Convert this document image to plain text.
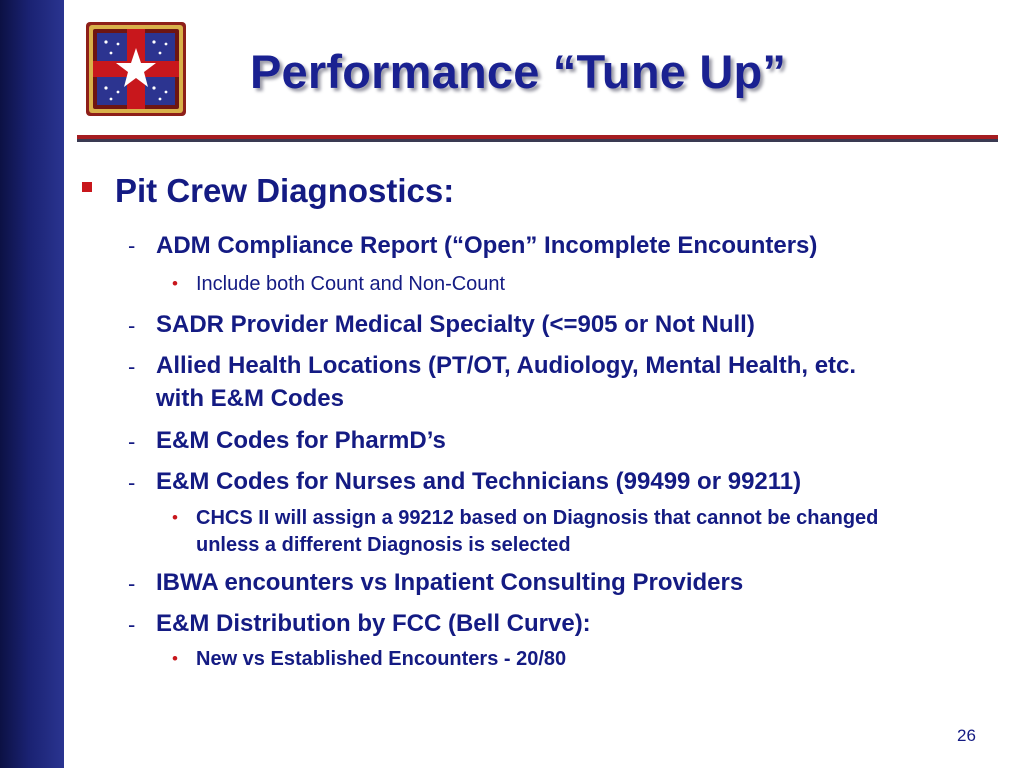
Performance “Tune Up”
Pit Crew Diagnostics:
- ADM Compliance Report (“Open” Incomplete Encounters)
• Include both Count and Non-Count
- SADR Provider Medical Specialty (<=905 or Not Null)
- Allied Health Locations (PT/OT, Audiology, Mental Health, etc.
with E&M Codes
- E&M Codes for PharmD’s
- E&M Codes for Nurses and Technicians (99499 or 99211)
• CHCS II will assign a 99212 based on Diagnosis that cannot be changed
unless a different Diagnosis is selected
- IBWA encounters vs Inpatient Consulting Providers
- E&M Distribution by FCC (Bell Curve):
• New vs Established Encounters - 20/80
26
